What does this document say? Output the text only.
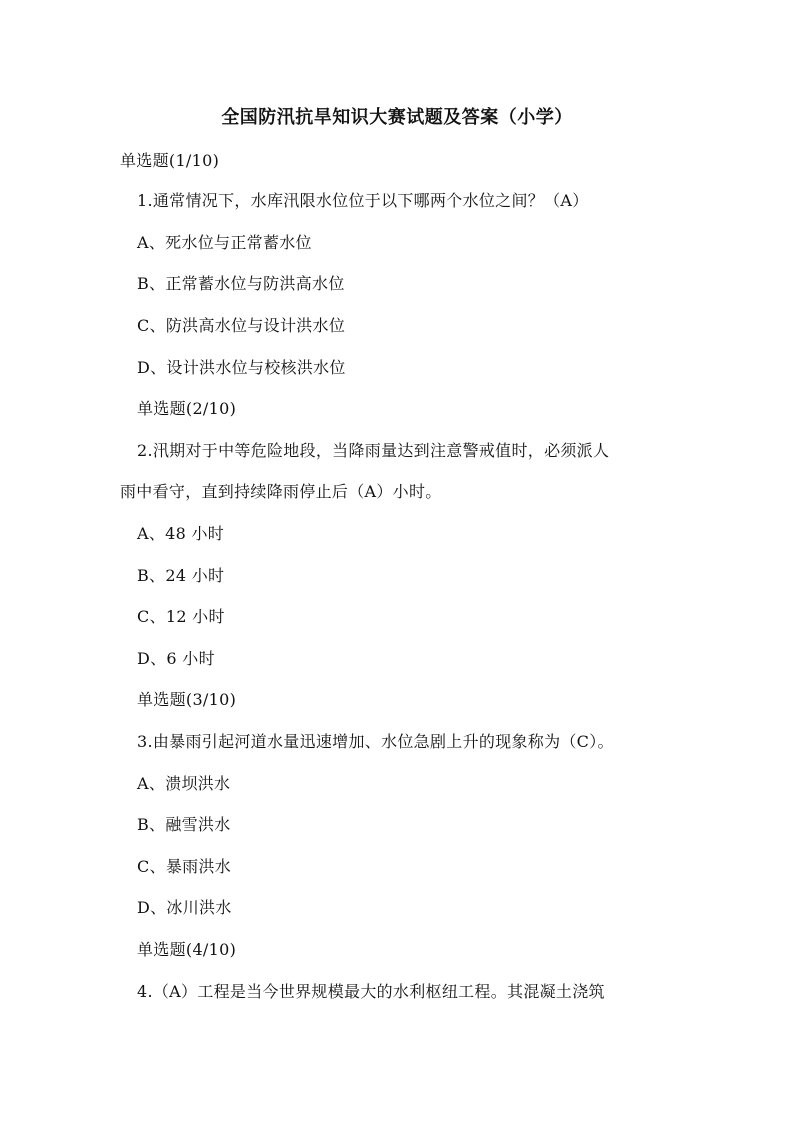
全国防汛抗旱知识大赛试题及答案（小学）
单选题(1/10)
1.通常情况下，水库汛限水位位于以下哪两个水位之间？（A）
A、死水位与正常蓄水位
B、正常蓄水位与防洪高水位
C、防洪高水位与设计洪水位
D、设计洪水位与校核洪水位
单选题(2/10)
2.汛期对于中等危险地段，当降雨量达到注意警戒值时，必须派人
雨中看守，直到持续降雨停止后（A）小时。
A、48 小时
B、24 小时
C、12 小时
D、6 小时
单选题(3/10)
3.由暴雨引起河道水量迅速增加、水位急剧上升的现象称为（C）。
A、溃坝洪水
B、融雪洪水
C、暴雨洪水
D、冰川洪水
单选题(4/10)
4.（A）工程是当今世界规模最大的水利枢纽工程。其混凝土浇筑
